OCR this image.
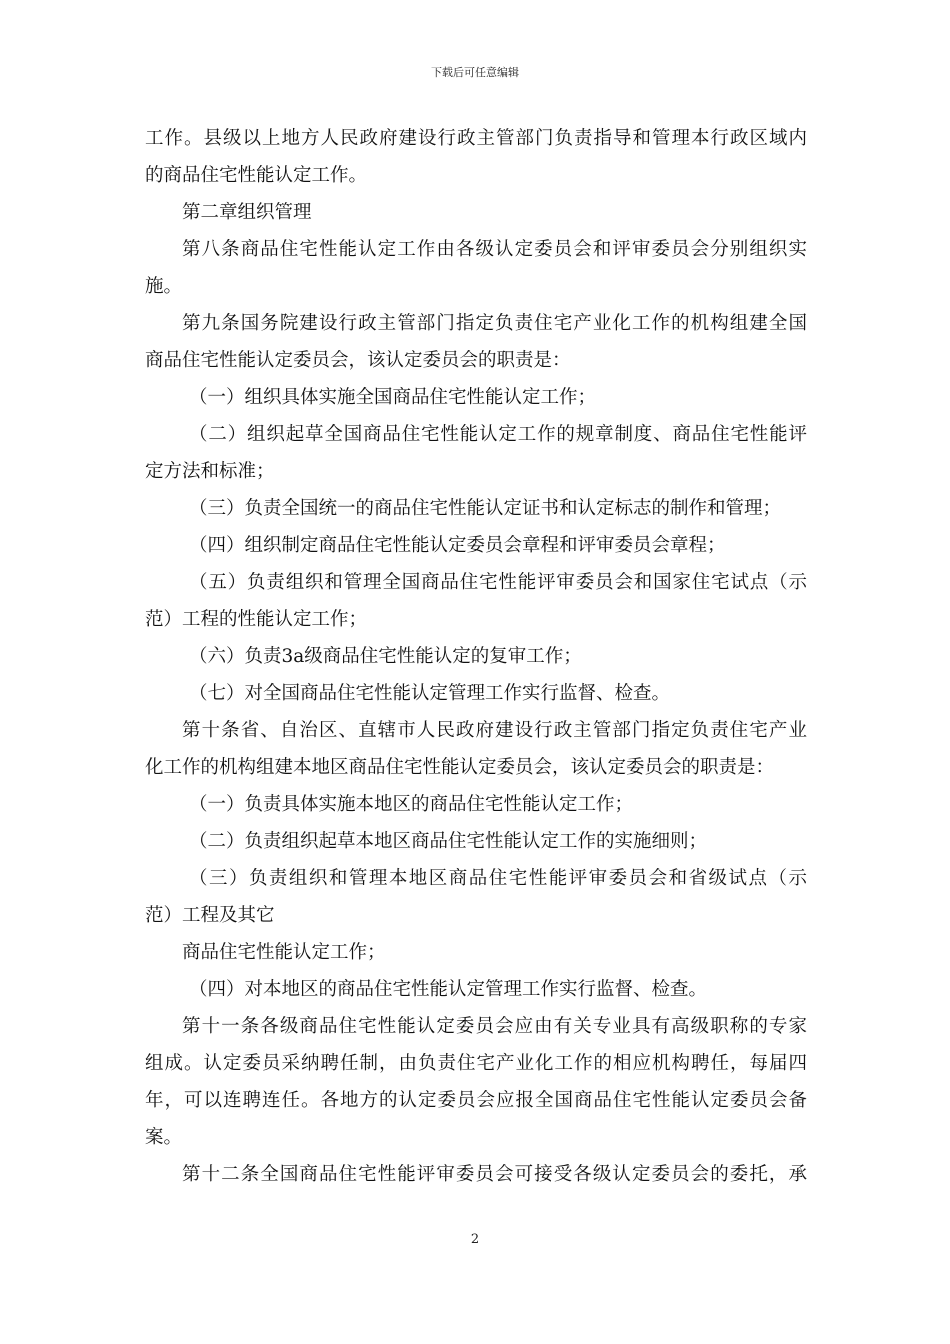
下载后可任意编辑
工作。县级以上地方人民政府建设行政主管部门负责指导和管理本行政区域内
的商品住宅性能认定工作。
第二章组织管理
第八条商品住宅性能认定工作由各级认定委员会和评审委员会分别组织实
施。
第九条国务院建设行政主管部门指定负责住宅产业化工作的机构组建全国
商品住宅性能认定委员会，该认定委员会的职责是：
（一）组织具体实施全国商品住宅性能认定工作；
（二）组织起草全国商品住宅性能认定工作的规章制度、商品住宅性能评
定方法和标准；
（三）负责全国统一的商品住宅性能认定证书和认定标志的制作和管理；
（四）组织制定商品住宅性能认定委员会章程和评审委员会章程；
（五）负责组织和管理全国商品住宅性能评审委员会和国家住宅试点（示
范）工程的性能认定工作；
（六）负责3a级商品住宅性能认定的复审工作；
（七）对全国商品住宅性能认定管理工作实行监督、检查。
第十条省、自治区、直辖市人民政府建设行政主管部门指定负责住宅产业
化工作的机构组建本地区商品住宅性能认定委员会，该认定委员会的职责是：
（一）负责具体实施本地区的商品住宅性能认定工作；
（二）负责组织起草本地区商品住宅性能认定工作的实施细则；
（三）负责组织和管理本地区商品住宅性能评审委员会和省级试点（示
范）工程及其它
商品住宅性能认定工作；
（四）对本地区的商品住宅性能认定管理工作实行监督、检查。
第十一条各级商品住宅性能认定委员会应由有关专业具有高级职称的专家
组成。认定委员采纳聘任制，由负责住宅产业化工作的相应机构聘任，每届四
年，可以连聘连任。各地方的认定委员会应报全国商品住宅性能认定委员会备
案。
第十二条全国商品住宅性能评审委员会可接受各级认定委员会的委托，承
2
